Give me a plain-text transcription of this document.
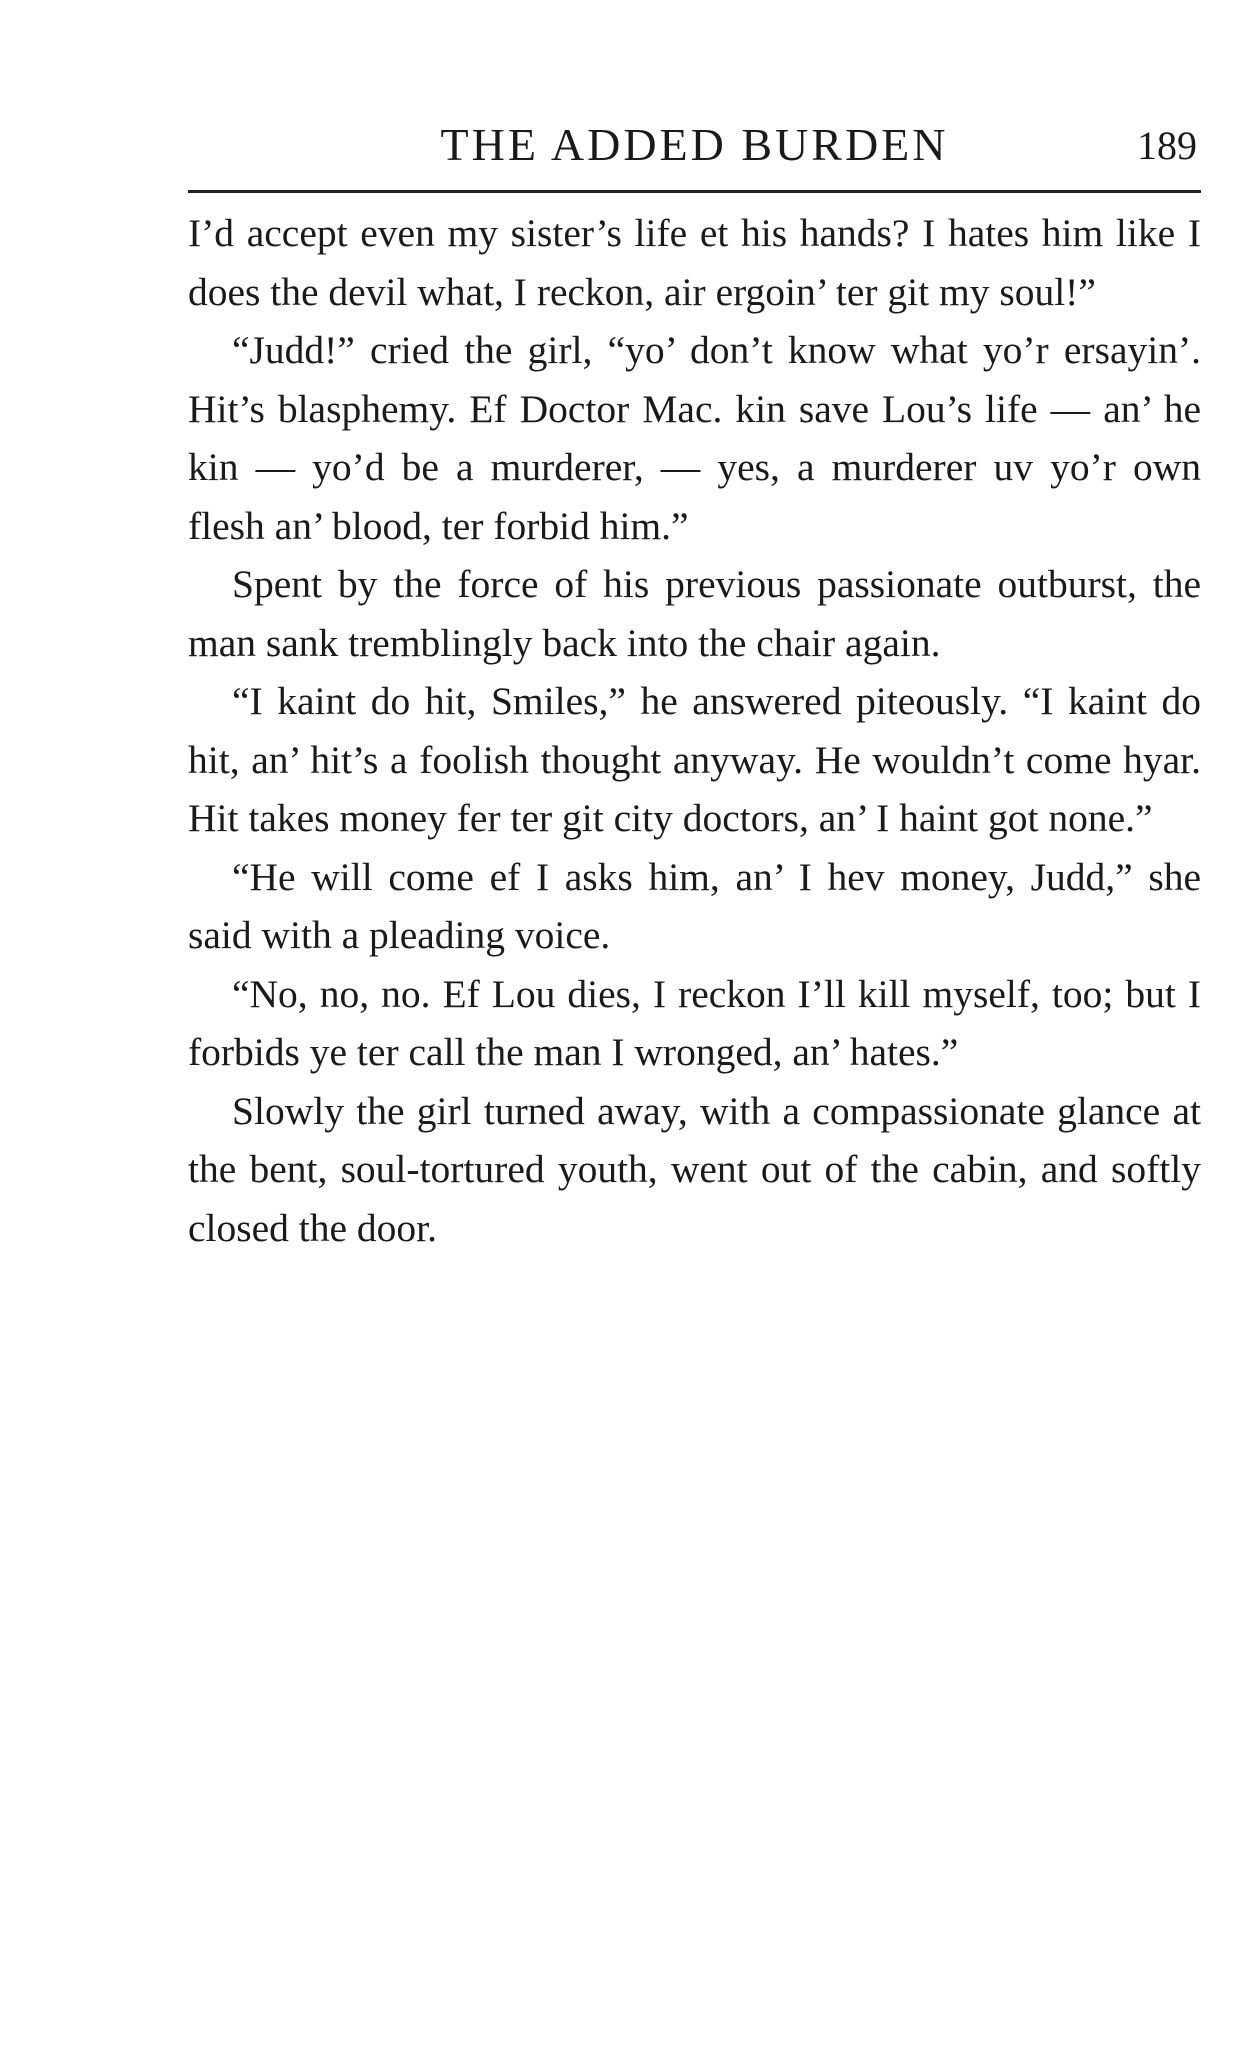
THE ADDED BURDEN	189

I’d accept even my sister’s life et his hands? I hates him like I does the devil what, I reckon, air ergoin’ ter git my soul!”

“Judd!” cried the girl, “yo’ don’t know what yo’r ersayin’. Hit’s blasphemy. Ef Doctor Mac. kin save Lou’s life — an’ he kin — yo’d be a murderer, — yes, a murderer uv yo’r own flesh an’ blood, ter forbid him.”

Spent by the force of his previous passionate outburst, the man sank tremblingly back into the chair again.

“I kaint do hit, Smiles,” he answered piteously. “I kaint do hit, an’ hit’s a foolish thought anyway. He wouldn’t come hyar. Hit takes money fer ter git city doctors, an’ I haint got none.”

“He will come ef I asks him, an’ I hev money, Judd,” she said with a pleading voice.

“No, no, no. Ef Lou dies, I reckon I’ll kill myself, too; but I forbids ye ter call the man I wronged, an’ hates.”

Slowly the girl turned away, with a compassionate glance at the bent, soul-tortured youth, went out of the cabin, and softly closed the door.
